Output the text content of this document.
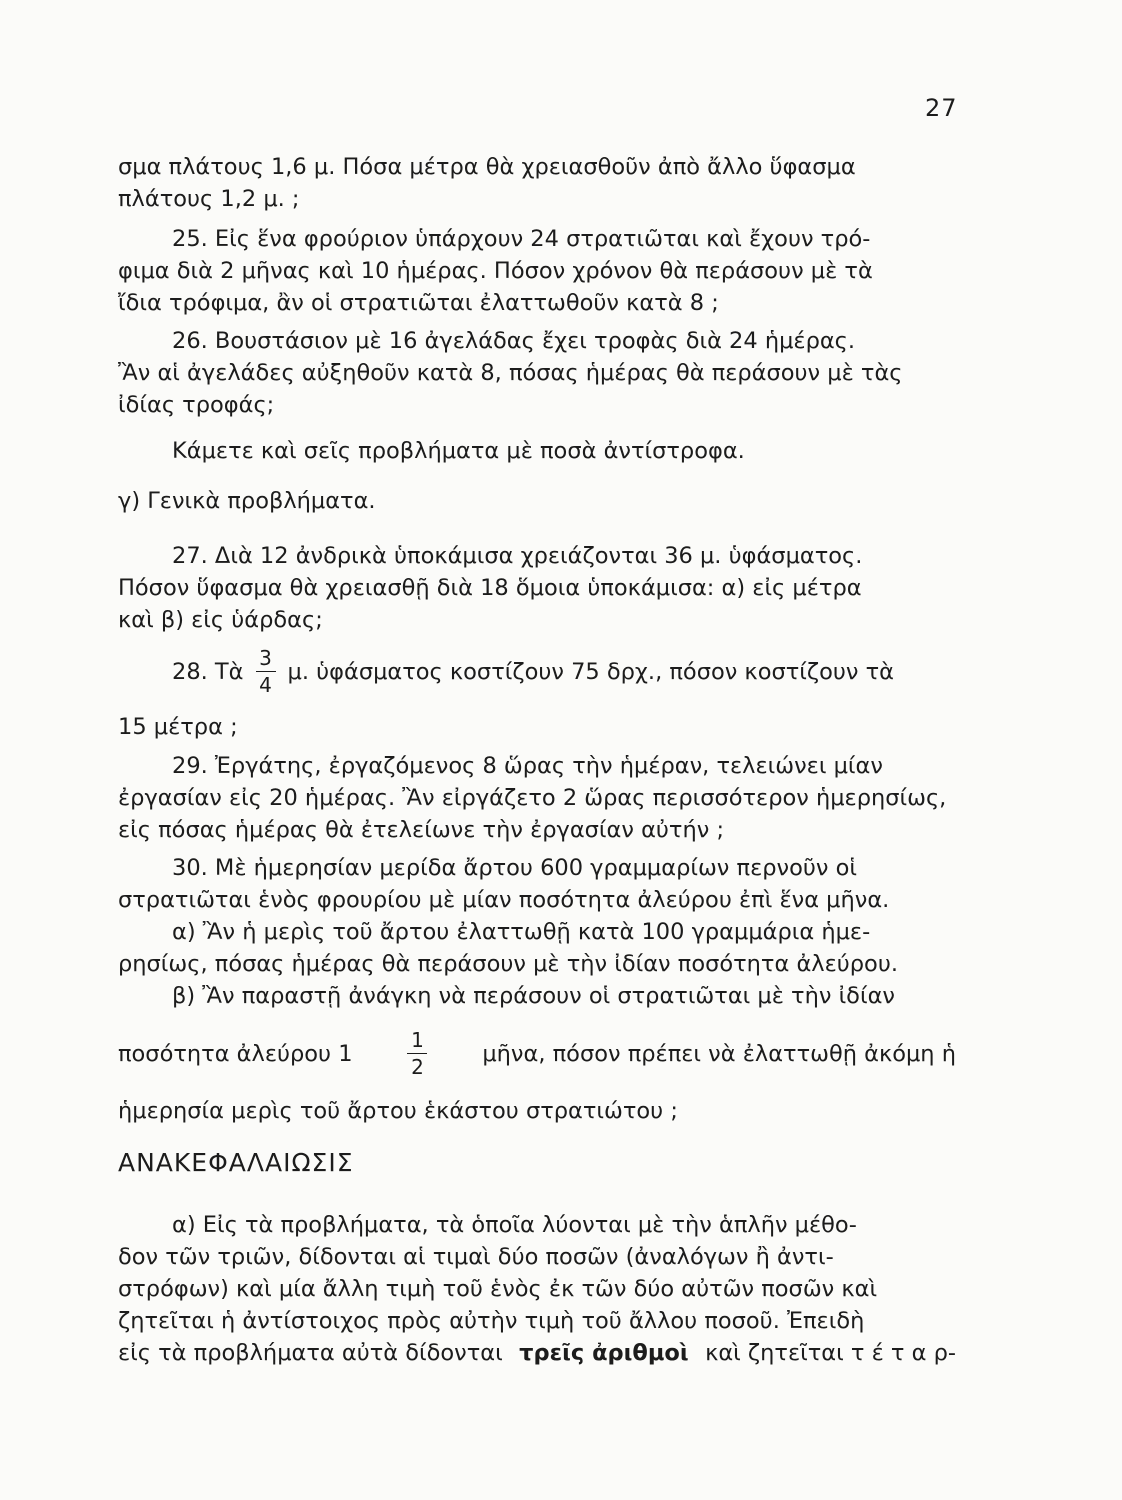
27
σμα πλάτους 1,6 μ. Πόσα μέτρα θὰ χρειασθοῦν ἀπὸ ἄλλο ὕφασμα
πλάτους 1,2 μ. ;
25. Εἰς ἕνα φρούριον ὑπάρχουν 24 στρατιῶται καὶ ἔχουν τρό-
φιμα διὰ 2 μῆνας καὶ 10 ἡμέρας. Πόσον χρόνον θὰ περάσουν μὲ τὰ
ἴδια τρόφιμα, ἂν οἱ στρατιῶται ἐλαττωθοῦν κατὰ 8 ;
26. Βουστάσιον μὲ 16 ἀγελάδας ἔχει τροφὰς διὰ 24 ἡμέρας.
Ἂν αἱ ἀγελάδες αὐξηθοῦν κατὰ 8, πόσας ἡμέρας θὰ περάσουν μὲ τὰς
ἰδίας τροφάς;
Κάμετε καὶ σεῖς προβλήματα μὲ ποσὰ ἀντίστροφα.
γ) Γενικὰ προβλήματα.
27. Διὰ 12 ἀνδρικὰ ὑποκάμισα χρειάζονται 36 μ. ὑφάσματος.
Πόσον ὕφασμα θὰ χρειασθῇ διὰ 18 ὅμοια ὑποκάμισα: α) εἰς μέτρα
καὶ β) εἰς ὑάρδας;
28. Τὰ $\frac{3}{4} \mu$. ὑφάσματος κοστίζουν 75 δρχ., πόσον κοστίζουν τὰ
15 μέτρα ;
29. Ἐργάτης, ἐργαζόμενος 8 ὥρας τὴν ἡμέραν, τελειώνει μίαν
ἐργασίαν εἰς 20 ἡμέρας. Ἂν εἰργάζετο 2 ὥρας περισσότερον ἡμερησίως,
εἰς πόσας ἡμέρας θὰ ἐτελείωνε τὴν ἐργασίαν αὐτήν ;
30. Μὲ ἡμερησίαν μερίδα ἄρτου 600 γραμμαρίων περνοῦν οἱ
στρατιῶται ἑνὸς φρουρίου μὲ μίαν ποσότητα ἀλεύρου ἐπὶ ἕνα μῆνα.
α) Ἂν ἡ μερὶς τοῦ ἄρτου ἐλαττωθῇ κατὰ 100 γραμμάρια ἡμε-
ρησίως, πόσας ἡμέρας θὰ περάσουν μὲ τὴν ἰδίαν ποσότητα ἀλεύρου.
β) Ἂν παραστῇ ἀνάγκη νὰ περάσουν οἱ στρατιῶται μὲ τὴν ἰδίαν
ποσότητα ἀλεύρου 1	$\frac{1}{2}$ μῆνα, πόσον πρέπει νὰ ἐλαττωθῇ ἀκόμη ἡ
ἡμερησία μερὶς τοῦ ἄρτου ἑκάστου στρατιώτου ;
ΑΝΑΚΕΦΑΛΑΙΩΣΙΣ
α) Εἰς τὰ προβλήματα, τὰ ὁποῖα λύονται μὲ τὴν ἁπλῆν μέθο-
δον τῶν τριῶν, δίδονται αἱ τιμαὶ δύο ποσῶν (ἀναλόγων ἢ ἀντι-
στρόφων) καὶ μία ἄλλη τιμὴ τοῦ ἑνὸς ἐκ τῶν δύο αὐτῶν ποσῶν καὶ
ζητεῖται ἡ ἀντίστοιχος πρὸς αὐτὴν τιμὴ τοῦ ἄλλου ποσοῦ. Ἐπειδὴ
εἰς τὰ προβλήματα αὐτὰ δίδονται τρεῖς ἀριθμοὶ καὶ ζητεῖται τ έ τ α ρ-
